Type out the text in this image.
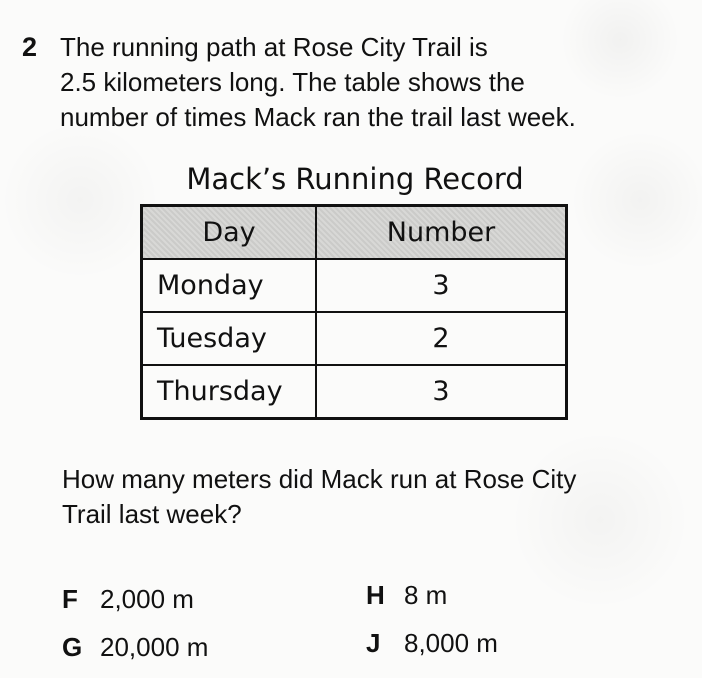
2 The running path at Rose City Trail is
2.5 kilometers long. The table shows the
number of times Mack ran the trail last week.
Mack’s Running Record
Day	Number
Monday	3
Tuesday	2
Thursday	3
How many meters did Mack run at Rose City
Trail last week?
F 2,000 m
G 20,000 m
H 8 m
J 8,000 m
